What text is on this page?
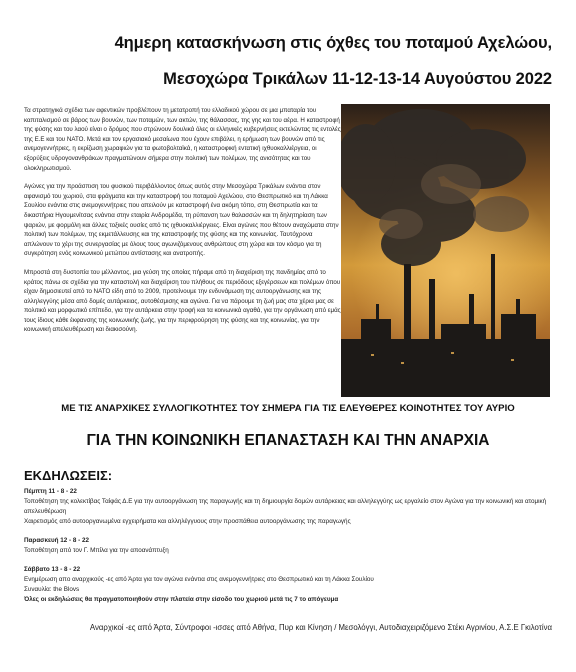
4ημερη κατασκήνωση στις όχθες του ποταμού Αχελώου,
Μεσοχώρα Τρικάλων 11-12-13-14 Αυγούστου 2022

Τα στρατηγικά σχέδια των αφεντικών προβλέπουν τη μετατροπή του ελλαδικού χώρου σε μια μπαταρία του καπιταλισμού σε βάρος των βουνών, των ποταμών, των ακτών, της θάλασσας, της γης και του αέρα. Η καταστροφή της φύσης και του λαού είναι ο δρόμος που στρώνουν δουλικά όλες οι ελληνικές κυβερνήσεις εκτελώντας τις εντολές της Ε.Ε και του ΝΑΤΟ. Μετά και τον εργασιακό μεσαίωνα που έχουν επιβάλει, η ερήμωση των βουνών από τις ανεμογεννήτριες, η εκρίζωση χωραφιών για τα φωτοβολταϊκά, η καταστροφική εντατική ιχθυοκαλλιέργεια, οι εξορύξεις υδρογονανθράκων πραγματώνουν σήμερα στην πολιτική των πολέμων, της ανισότητας και του ολοκληρωτισμού.

Αγώνες για την προάσπιση του φυσικού περιβάλλοντος όπως αυτός στην Μεσοχώρα Τρικάλων ενάντια στον αφανισμό του χωριού, στα φράγματα και την καταστροφή του ποταμού Αχελώου, στο Θεσπρωτικό και τη Λάκκα Σουλίου ενάντια στις ανεμογεννήτριες που απειλούν με καταστροφή ένα ακόμη τόπο, στη Θεσπρωτία και τα δικαστήρια Ηγουμενίτσας ενάντια στην εταιρία Ανδρομέδα, τη ρύπανση των θαλασσών και τη δηλητηρίαση των ψαριών, με φορμόλη και άλλες τοξικές ουσίες από τις ιχθυοκαλλιέργειες. Είναι αγώνες που θέτουν αναχώματα στην πολιτική των πολέμων, της εκμετάλλευσης και της καταστροφής της φύσης και της κοινωνίας. Ταυτόχρονα απλώνουν το χέρι της συνεργασίας με όλους τους αγωνιζόμενους ανθρώπους στη χώρα και τον κόσμο για τη συγκρότηση ενός κοινωνικού μετώπου αντίστασης και ανατροπής.

Μπροστά στη δυστοπία του μέλλοντος, μια γεύση της οποίας πήραμε από τη διαχείριση της πανδημίας από το κράτος πάνω σε σχέδια για την καταστολή και διαχείριση του πλήθους σε περιόδους εξεγέρσεων και πολέμων όπου είχαν δημοσιευτεί από το ΝΑΤΟ είδη από το 2009, προτείνουμε την ενδυνάμωση της αυτοοργάνωσης και της αλληλεγγύης μέσα από δομές αυτάρκειας, αυτοθέσμισης και αγώνα. Για να πάρουμε τη ζωή μας στα χέρια μας σε πολιτικό και μορφωτικό επίπεδο, για την αυτάρκεια στην τροφή και τα κοινωνικά αγαθά, για την οργάνωση από εμάς τους ίδιους κάθε έκφανσης της κοινωνικής ζωής, για την περιφρούρηση της φύσης και της κοινωνίας, για την κοινωνική απελευθέρωση και διακισούνη.

ΜΕ ΤΙΣ ΑΝΑΡΧΙΚΕΣ ΣΥΛΛΟΓΙΚΟΤΗΤΕΣ ΤΟΥ ΣΗΜΕΡΑ ΓΙΑ ΤΙΣ ΕΛΕΥΘΕΡΕΣ ΚΟΙΝΟΤΗΤΕΣ ΤΟΥ ΑΥΡΙΟ

ΓΙΑ ΤΗΝ ΚΟΙΝΩΝΙΚΗ ΕΠΑΝΑΣΤΑΣΗ ΚΑΙ ΤΗΝ ΑΝΑΡΧΙΑ

ΕΚΔΗΛΩΣΕΙΣ:
Πέμπτη 11 - 8 - 22
Τοποθέτηση της κολεκτίβας Ταίφάς Δ.Ε για την αυτοοργάνωση της παραγωγής και τη δημιουργία δομών αυτάρκειας και αλληλεγγύης ως εργαλείο στον Αγώνα για την κοινωνική και ατομική απελευθέρωση
Χαιρετισμός από αυτοοργανωμένα εγχειρήματα και αλληλέγγυους στην προσπάθεια αυτοοργάνωσης της παραγωγής
Παρασκευή 12 - 8 - 22
Τοποθέτηση από τον Γ. Μπίλα για την αποανάπτυξη
Σάββατο 13 - 8 - 22
Ενημέρωση απο αναρχικούς -ες από Άρτα για τον αγώνα ενάντια στις ανεμογεννήτριες στο Θεσπρωτικό και τη Λάκκα Σουλίου
Συναυλία: the Blovs
Όλες οι εκδηλώσεις θα πραγματοποιηθούν στην πλατεία στην είσοδο του χωριού μετά τις 7 το απόγευμα
Αναρχικοί -ες από Άρτα, Σύντροφοι -ισσες από Αθήνα, Πυρ και Κίνηση / Μεσολόγγι, Αυτοδιαχειριζόμενο Στέκι Αγρινίου, Α.Σ.Ε Γκιλοτίνα
